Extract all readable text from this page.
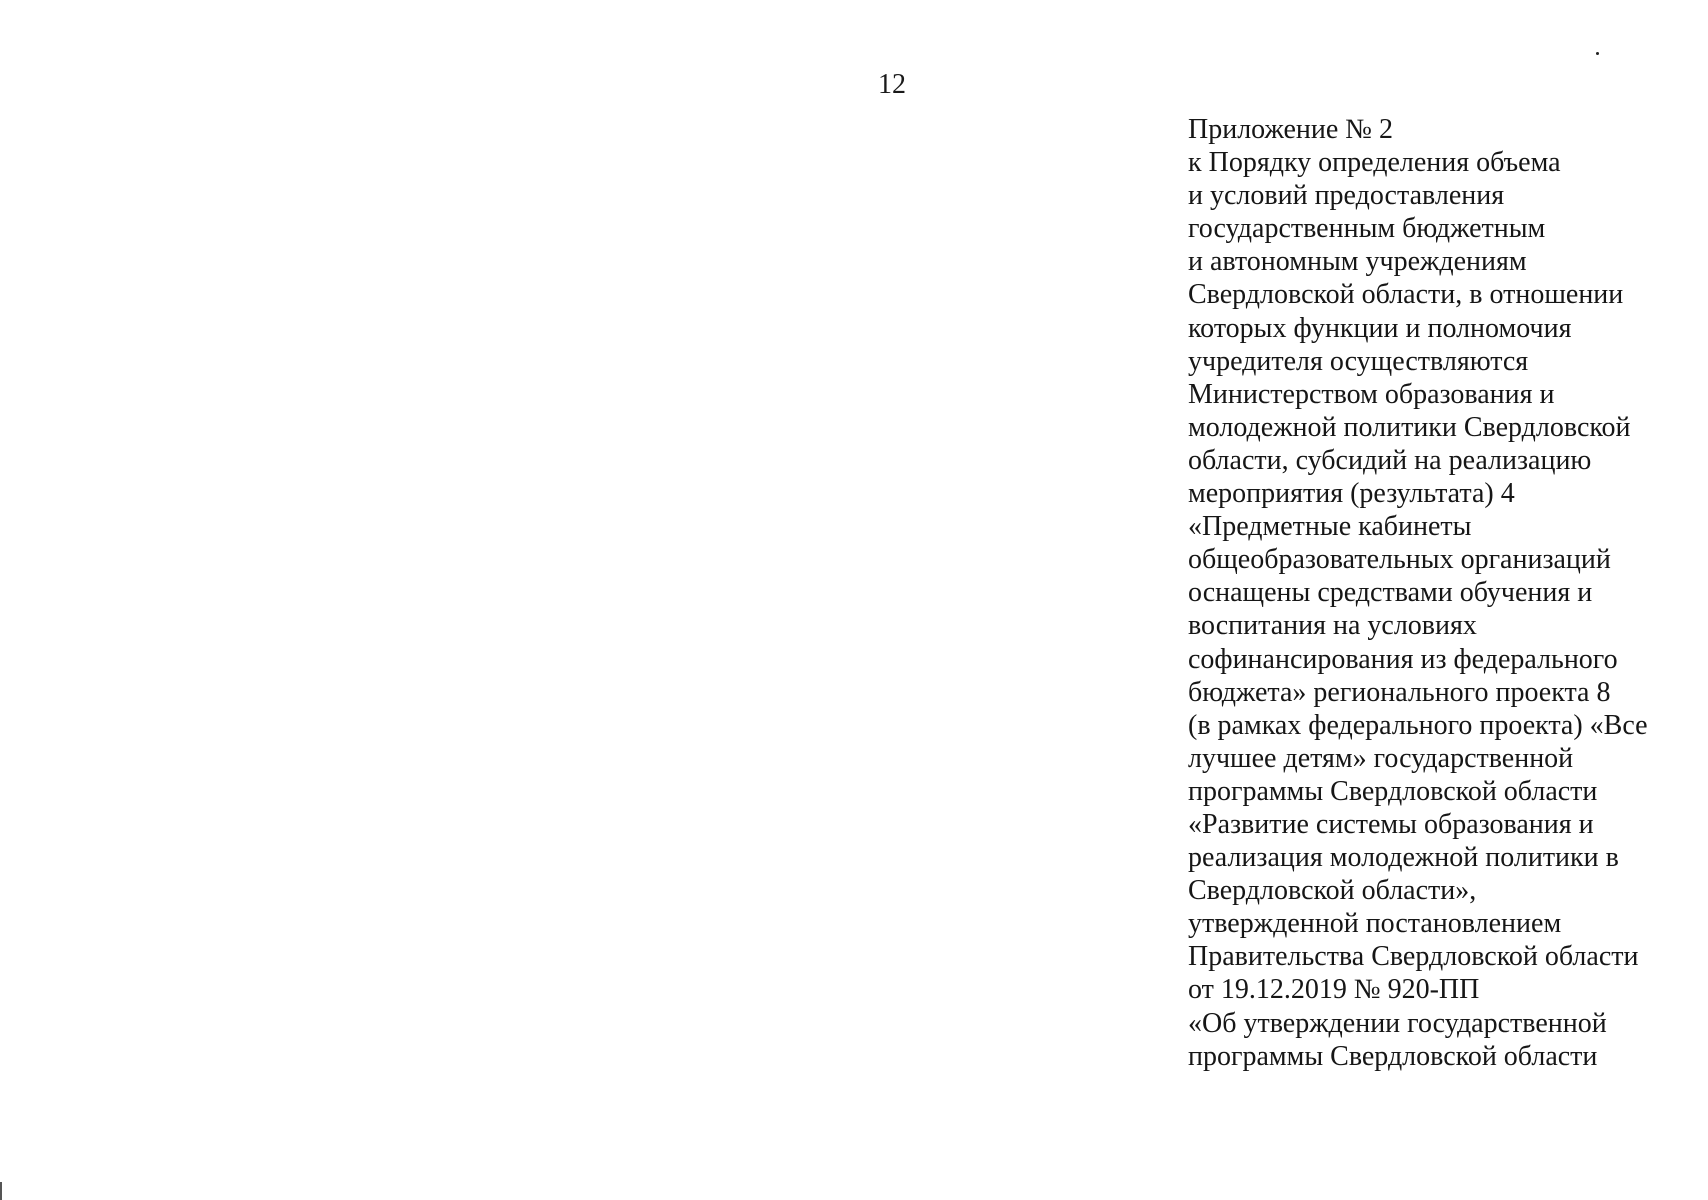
12
Приложение № 2
к Порядку определения объема
и условий предоставления
государственным бюджетным
и автономным учреждениям
Свердловской области, в отношении
которых функции и полномочия
учредителя осуществляются
Министерством образования и
молодежной политики Свердловской
области, субсидий на реализацию
мероприятия (результата) 4
«Предметные кабинеты
общеобразовательных организаций
оснащены средствами обучения и
воспитания на условиях
софинансирования из федерального
бюджета» регионального проекта 8
(в рамках федерального проекта) «Все
лучшее детям» государственной
программы Свердловской области
«Развитие системы образования и
реализация молодежной политики в
Свердловской области»,
утвержденной постановлением
Правительства Свердловской области
от 19.12.2019 № 920-ПП
«Об утверждении государственной
программы Свердловской области
